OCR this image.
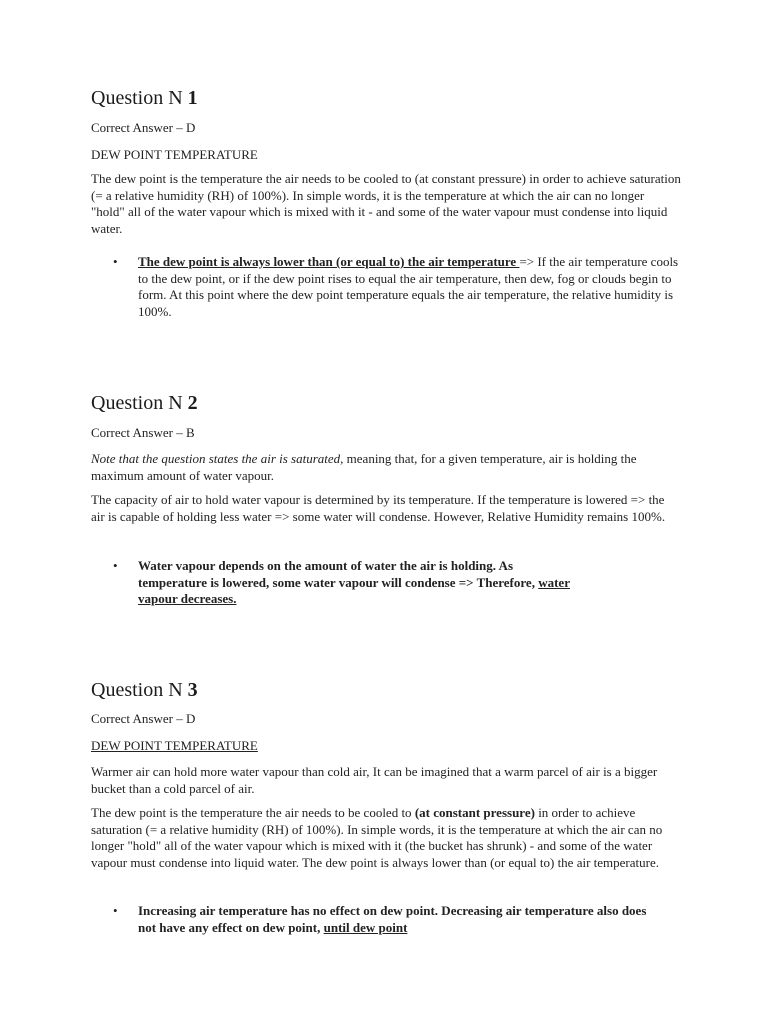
Question N 1
Correct Answer – D
DEW POINT TEMPERATURE
The dew point is the temperature the air needs to be cooled to (at constant pressure) in order to achieve saturation (= a relative humidity (RH) of 100%). In simple words, it is the temperature at which the air can no longer "hold" all of the water vapour which is mixed with it - and some of the water vapour must condense into liquid water.
•	The dew point is always lower than (or equal to) the air temperature => If the air temperature cools to the dew point, or if the dew point rises to equal the air temperature, then dew, fog or clouds begin to form. At this point where the dew point temperature equals the air temperature, the relative humidity is 100%.
Question N 2
Correct Answer – B
Note that the question states the air is saturated, meaning that, for a given temperature, air is holding the maximum amount of water vapour.
The capacity of air to hold water vapour is determined by its temperature. If the temperature is lowered => the air is capable of holding less water => some water will condense. However, Relative Humidity remains 100%.
•	Water vapour depends on the amount of water the air is holding. As temperature is lowered, some water vapour will condense => Therefore, water vapour decreases.
Question N 3
Correct Answer – D
DEW POINT TEMPERATURE
Warmer air can hold more water vapour than cold air, It can be imagined that a warm parcel of air is a bigger bucket than a cold parcel of air.
The dew point is the temperature the air needs to be cooled to (at constant pressure) in order to achieve saturation (= a relative humidity (RH) of 100%). In simple words, it is the temperature at which the air can no longer "hold" all of the water vapour which is mixed with it (the bucket has shrunk) - and some of the water vapour must condense into liquid water. The dew point is always lower than (or equal to) the air temperature.
•	Increasing air temperature has no effect on dew point. Decreasing air temperature also does not have any effect on dew point, until dew point
